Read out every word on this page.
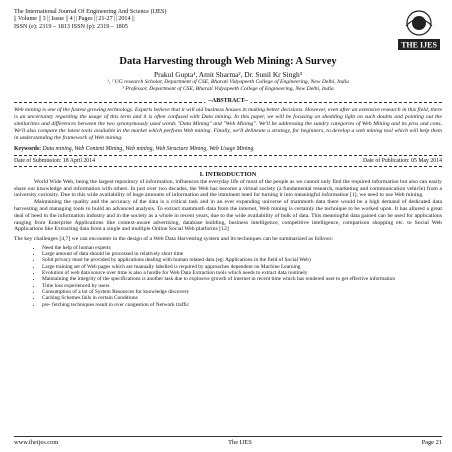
The International Journal Of Engineering And Science (IJES)
|| Volume || 3 || Issue || 4 || Pages || 21-27 || 2014 ||
ISSN (e): 2319 – 1813 ISSN (p): 2319 – 1805
THE IJES
Data Harvesting through Web Mining: A Survey
Prakul Gupta¹, Amit Sharma², Dr. Sunil Kr Singh³
¹, ² UG research Scholar, Department of CSE, Bharati Vidyapeeth College of Engineering, New Delhi, India
³ Professor, Department of CSE, Bharati Vidyapeeth College of Engineering, New Delhi, India
--ABSTRACT--
Web mining is one of the fastest growing technology. Experts believe that it will aid business houses in making better decisions. However, even after an extensive research in this field, there is an uncertainty regarding the usage of this term and it is often confused with Data mining. In this paper, we will be focusing on shedding light on such doubts and pointing out the similarities and differences between the two synonymously used words "Data Mining" and "Web Mining". We'll be addressing the sundry categories of Web Mining and its pros and cons. We'll also compare the latest tools available in the market which perform Web mining. Finally, we'll delineate a strategy, for beginners, to develop a web mining tool which will help them in understanding the framework of Web mining.
Keywords: Data mining, Web Content Mining, Web mining, Web Structure Mining, Web Usage Mining.
Date of Submission: 18 April 2014	Date of Publication: 05 May 2014
I. INTRODUCTION

World Wide Web, being the largest repository of information, influences the everyday life of most of the people as we cannot only find the required information but also can easily share our knowledge and information with others. In just over two decades, the Web has become a virtual society (a fundamental research, marketing and communication vehicle) from a university curiosity. Due to this wide availability of huge amounts of information and the imminent need for turning it into meaningful information [1], we need to use Web mining.

Maintaining the quality and the accuracy of the data is a critical task and in an ever expanding universe of mammoth data there would be a high demand of dedicated data harvesting and managing tools to build an advanced analysis. To extract mammoth data from the internet, Web mining is certainly the technique to be worked upon. It has allured a great deal of heed in the information industry and in the society as a whole in recent years, due to the wide availability of bulk of data. This meaningful data gained can be used for applications ranging from Enterprise Applications like context-aware advertising, database building, business intelligence, competitive intelligence, comparison shopping etc. to Social Web Applications like Extracting data from a single and multiple Online Social Web platforms [12]

The key challenges [4,7] we can encounter in the design of a Web Data Harvesting system and its techniques can be summarized as follows:

• Need the help of human experts
• Large amount of data should be processed in relatively short time
• Solid privacy must be provided by applications dealing with human related data (eg: Applications in the field of Social Web)
• Large training set of Web pages which are manually labelled is required by approaches dependent on Machine Learning
• Evolution of web data source over time is also a hurdle for Web Data Extraction tools which needs to extract data routinely
• Maintaining the integrity of the specifications is another task due to explosive growth of internet in recent time which has rendered user to get effective information
• Time loss experienced by users
• Consumption of a lot of System Resources for knowledge discovery
• Caching Schemes fails in certain Conditions
• pre- fetching techniques result in over congestion of Network traffic
www.theijes.com	The IJES	Page 21
